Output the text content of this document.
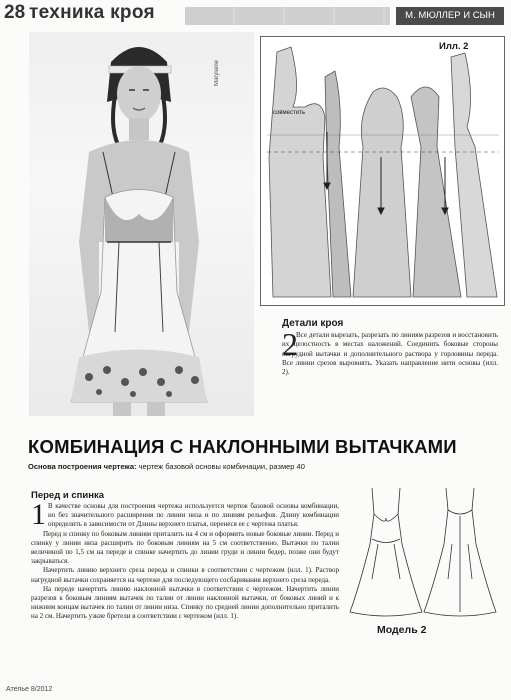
28 техника кроя	М. МЮЛЛЕР И СЫН
Marylaine
Илл. 2
совместить
Детали кроя
2
Все детали вырезать, разрезать по линиям разрезов и восстановить их целостность в местах наложений. Соединить боковые стороны нагрудной вытачки и дополнительного раствора у горловины переда. Все линии срезов выровнять. Указать направление нити основы (илл. 2).
КОМБИНАЦИЯ С НАКЛОННЫМИ ВЫТАЧКАМИ
Основа построения чертежа: чертеж базовой основы комбинации, размер 40
Перед и спинка

1 В качестве основы для построения чертежа используется чертеж базовой основы комбинации, но без значительного расширения по линии низа и по линиям рельефов. Длину комбинации определить в зависимости от Длины верхнего платья, перенеся ее с чертежа платья.

Перед и спинку по боковым линиям приталить на 4 см и оформить новые боковые линии. Перед и спинку у линии низа расширить по боковым линиям на 5 см соответственно. Вытачки по талии величиной по 1,5 см на переде и спинке начертить до линии груди и линии бедер, позже они будут закрываться.

Начертить линию верхнего среза переда и спинки в соответствии с чертежом (илл. 1). Раствор нагрудной вытачки сохраняется на чертеже для последующего сосбаривания верхнего среза переда.

На переде начертить линию наклонной вытачки в соответствии с чертежом. Начертить линии разрезов к боковым линиям вытачек по талии от линии наклонной вытачки, от боковых линий и к нижним концам вытачек по талии от линии низа. Спинку по средней линии дополнительно приталить на 2 см. Начертить узкие бретели в соответствии с чертежом (илл. 1).

Модель 2
Ателье 8/2012
